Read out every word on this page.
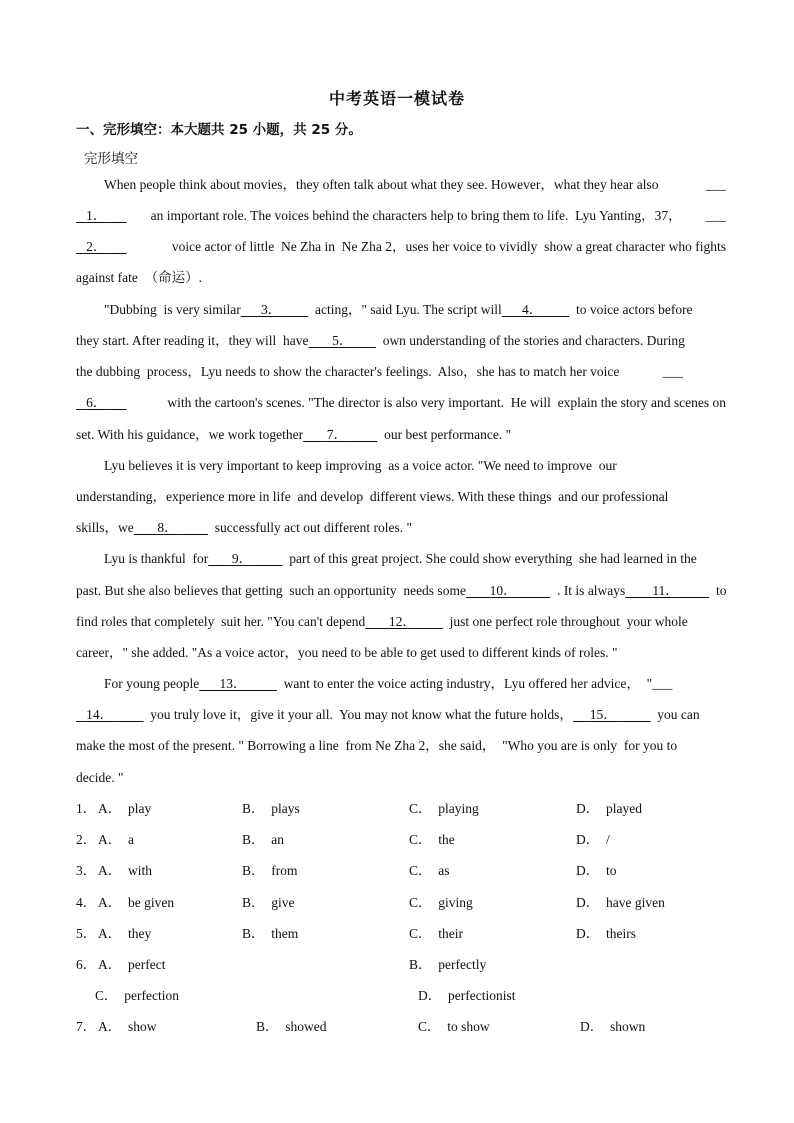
中考英语一模试卷
一、完形填空：本大题共 25 小题，共 25 分。
完形填空
When people think about movies，they often talk about what they see. However，what they hear also	___
1．	an important role. The voices behind the characters help to bring them to life.  Lyu Yanting，37， ___
2．	voice actor of little  Ne Zha in  Ne Zha 2，uses her voice to vividly  show a great character who fights
against fate  （命运）.
"Dubbing  is very similar 3．	acting，" said Lyu. The script will 4．	to voice actors before
they start. After reading it，they will  have 5． own understanding of the stories and characters. During
the dubbing  process，Lyu needs to show the character's feelings.  Also，she has to match her voice	___
6．	with the cartoon's scenes. "The director is also very important.  He will  explain the story and scenes on
set. With his guidance，we work together 7．	our best performance. "
Lyu believes it is very important to keep improving  as a voice actor. "We need to improve  our
understanding，experience more in life  and develop  different views. With these things  and our professional
skills，we 8．	successfully act out different roles. "
Lyu is thankful  for 9．	part of this great project. She could show everything  she had learned in the
past. But she also believes that getting  such an opportunity  needs some 10．	. It is always 11．	to
find roles that completely  suit her. "You can't depend 12．	just one perfect role throughout  your whole
career，" she added. "As a voice actor，you need to be able to get used to different kinds of roles. "
For young people 13．	want to enter the voice acting industry，Lyu offered her advice， "___
14．	you truly love it，give it your all.  You may not know what the future holds， 15．	you can
make the most of the present. " Borrowing a line  from Ne Zha 2，she said，  "Who you are is only  for you to
decide. "
1． A．  play	B．  plays	C．  playing	D．  played
2． A．  a	B．  an	C．  the	D．  /
3． A．  with	B．  from	C．  as	D．  to
4． A．  be given	B．  give	C．  giving	D．  have given
5． A．  they	B．  them	C．  their	D．  theirs
6． A．  perfect	B．  perfectly
C．  perfection	D．  perfectionist
7． A．  show	B．  showed	C．  to show	D．  shown
